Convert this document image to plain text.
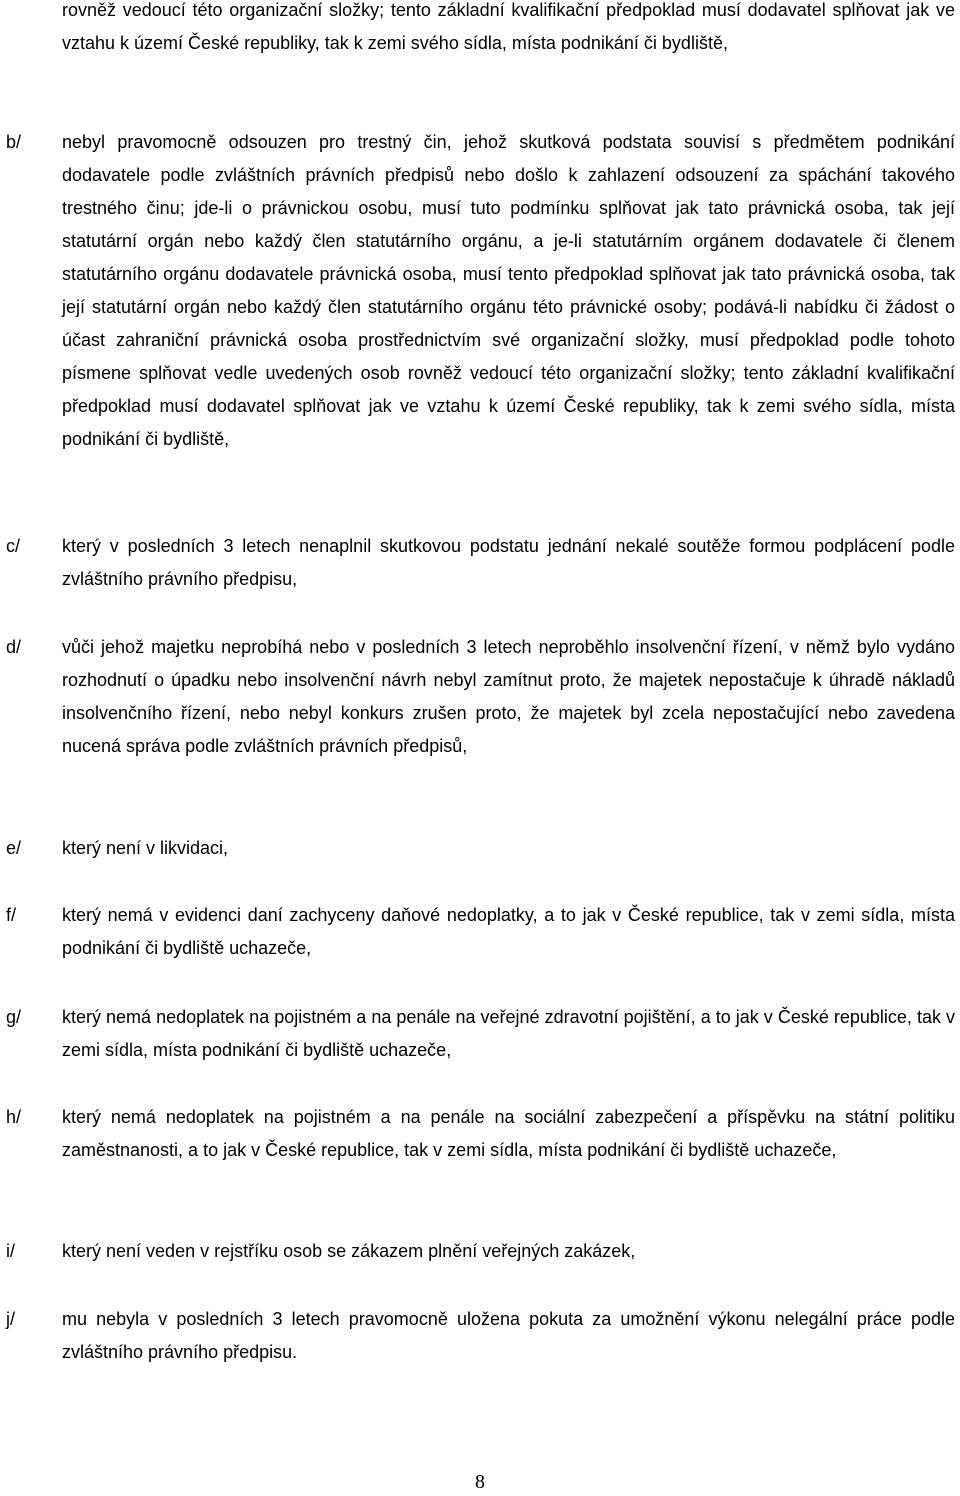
rovněž vedoucí této organizační složky; tento základní kvalifikační předpoklad musí dodavatel splňovat jak ve vztahu k území České republiky, tak k zemi svého sídla, místa podnikání či bydliště,
b/ nebyl pravomocně odsouzen pro trestný čin, jehož skutková podstata souvisí s předmětem podnikání dodavatele podle zvláštních právních předpisů nebo došlo k zahlazení odsouzení za spáchání takového trestného činu; jde-li o právnickou osobu, musí tuto podmínku splňovat jak tato právnická osoba, tak její statutární orgán nebo každý člen statutárního orgánu, a je-li statutárním orgánem dodavatele či členem statutárního orgánu dodavatele právnická osoba, musí tento předpoklad splňovat jak tato právnická osoba, tak její statutární orgán nebo každý člen statutárního orgánu této právnické osoby; podává-li nabídku či žádost o účast zahraniční právnická osoba prostřednictvím své organizační složky, musí předpoklad podle tohoto písmene splňovat vedle uvedených osob rovněž vedoucí této organizační složky; tento základní kvalifikační předpoklad musí dodavatel splňovat jak ve vztahu k území České republiky, tak k zemi svého sídla, místa podnikání či bydliště,
c/ který v posledních 3 letech nenaplnil skutkovou podstatu jednání nekalé soutěže formou podplácení podle zvláštního právního předpisu,
d/ vůči jehož majetku neprobíhá nebo v posledních 3 letech neproběhlo insolvenční řízení, v němž bylo vydáno rozhodnutí o úpadku nebo insolvenční návrh nebyl zamítnut proto, že majetek nepostačuje k úhradě nákladů insolvenčního řízení, nebo nebyl konkurs zrušen proto, že majetek byl zcela nepostačující nebo zavedena nucená správa podle zvláštních právních předpisů,
e/ který není v likvidaci,
f/	který nemá v evidenci daní zachyceny daňové nedoplatky, a to jak v České republice, tak v zemi sídla, místa podnikání či bydliště uchazeče,
g/ který nemá nedoplatek na pojistném a na penále na veřejné zdravotní pojištění, a to jak v České republice, tak v zemi sídla, místa podnikání či bydliště uchazeče,
h/ který nemá nedoplatek na pojistném a na penále na sociální zabezpečení a příspěvku na státní politiku zaměstnanosti, a to jak v České republice, tak v zemi sídla, místa podnikání či bydliště uchazeče,
i/	který není veden v rejstříku osob se zákazem plnění veřejných zakázek,
j/	mu nebyla v posledních 3 letech pravomocně uložena pokuta za umožnění výkonu nelegální práce podle zvláštního právního předpisu.
8
